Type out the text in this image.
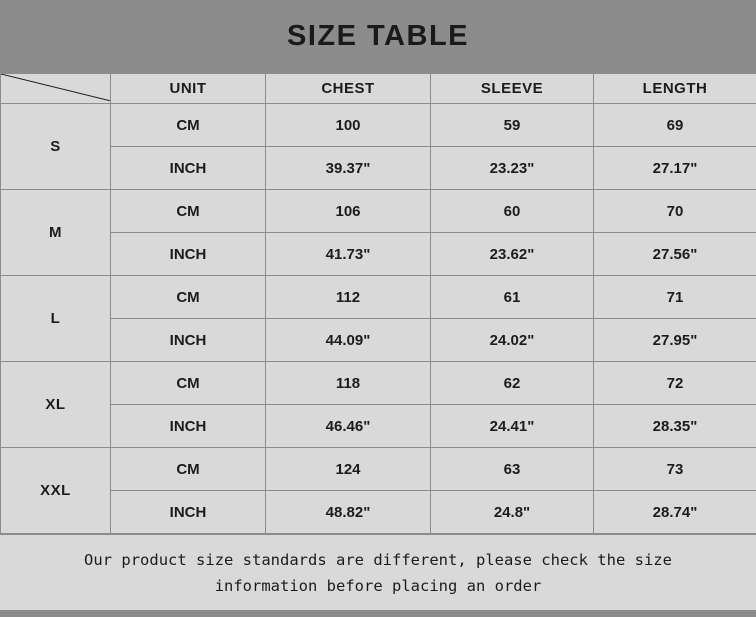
SIZE TABLE
	UNIT	CHEST	SLEEVE	LENGTH
S	CM	100	59	69
	INCH	39.37"	23.23"	27.17"
M	CM	106	60	70
	INCH	41.73"	23.62"	27.56"
L	CM	112	61	71
	INCH	44.09"	24.02"	27.95"
XL	CM	118	62	72
	INCH	46.46"	24.41"	28.35"
XXL	CM	124	63	73
	INCH	48.82"	24.8"	28.74"
Our product size standards are different, please check the size
information before placing an order
